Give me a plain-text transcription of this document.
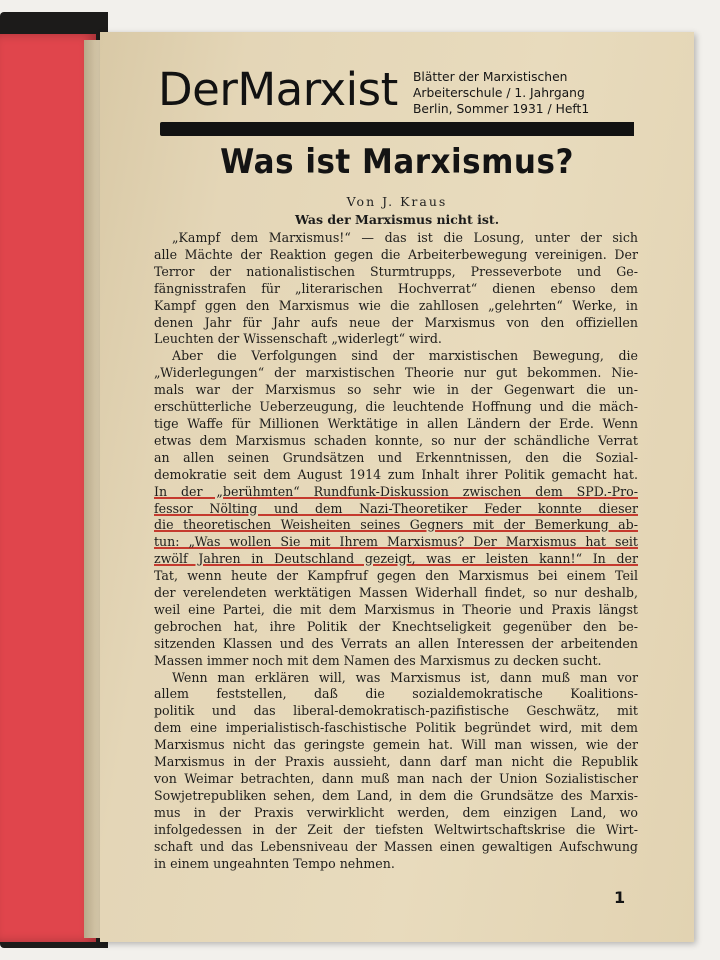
DerMarxist Blätter der Marxistischen
Arbeiterschule / 1. Jahrgang
Berlin, Sommer 1931 / Heft1
Was ist Marxismus?
Von J. Kraus
Was der Marxismus nicht ist.
„Kampf dem Marxismus!“ — das ist die Losung, unter der sich
alle Mächte der Reaktion gegen die Arbeiterbewegung vereinigen. Der
Terror der nationalistischen Sturmtrupps, Presseverbote und Ge-
fängnisstrafen für „literarischen Hochverrat“ dienen ebenso dem
Kampf ggen den Marxismus wie die zahllosen „gelehrten“ Werke, in
denen Jahr für Jahr aufs neue der Marxismus von den offiziellen
Leuchten der Wissenschaft „widerlegt“ wird.
Aber die Verfolgungen sind der marxistischen Bewegung, die
„Widerlegungen“ der marxistischen Theorie nur gut bekommen. Nie-
mals war der Marxismus so sehr wie in der Gegenwart die un-
erschütterliche Ueberzeugung, die leuchtende Hoffnung und die mäch-
tige Waffe für Millionen Werktätige in allen Ländern der Erde. Wenn
etwas dem Marxismus schaden konnte, so nur der schändliche Verrat
an allen seinen Grundsätzen und Erkenntnissen, den die Sozial-
demokratie seit dem August 1914 zum Inhalt ihrer Politik gemacht hat.
In der „berühmten“ Rundfunk-Diskussion zwischen dem SPD.-Pro-
fessor Nölting und dem Nazi-Theoretiker Feder konnte dieser
die theoretischen Weisheiten seines Gegners mit der Bemerkung ab-
tun: „Was wollen Sie mit Ihrem Marxismus? Der Marxismus hat seit
zwölf Jahren in Deutschland gezeigt, was er leisten kann!“ In der
Tat, wenn heute der Kampfruf gegen den Marxismus bei einem Teil
der verelendeten werktätigen Massen Widerhall findet, so nur deshalb,
weil eine Partei, die mit dem Marxismus in Theorie und Praxis längst
gebrochen hat, ihre Politik der Knechtseligkeit gegenüber den be-
sitzenden Klassen und des Verrats an allen Interessen der arbeitenden
Massen immer noch mit dem Namen des Marxismus zu decken sucht.
Wenn man erklären will, was Marxismus ist, dann muß man vor
allem feststellen, daß die sozialdemokratische Koalitions-
politik und das liberal-demokratisch-pazifistische Geschwätz, mit
dem eine imperialistisch-faschistische Politik begründet wird, mit dem
Marxismus nicht das geringste gemein hat. Will man wissen, wie der
Marxismus in der Praxis aussieht, dann darf man nicht die Republik
von Weimar betrachten, dann muß man nach der Union Sozialistischer
Sowjetrepubliken sehen, dem Land, in dem die Grundsätze des Marxis-
mus in der Praxis verwirklicht werden, dem einzigen Land, wo
infolgedessen in der Zeit der tiefsten Weltwirtschaftskrise die Wirt-
schaft und das Lebensniveau der Massen einen gewaltigen Aufschwung
in einem ungeahnten Tempo nehmen.
1
